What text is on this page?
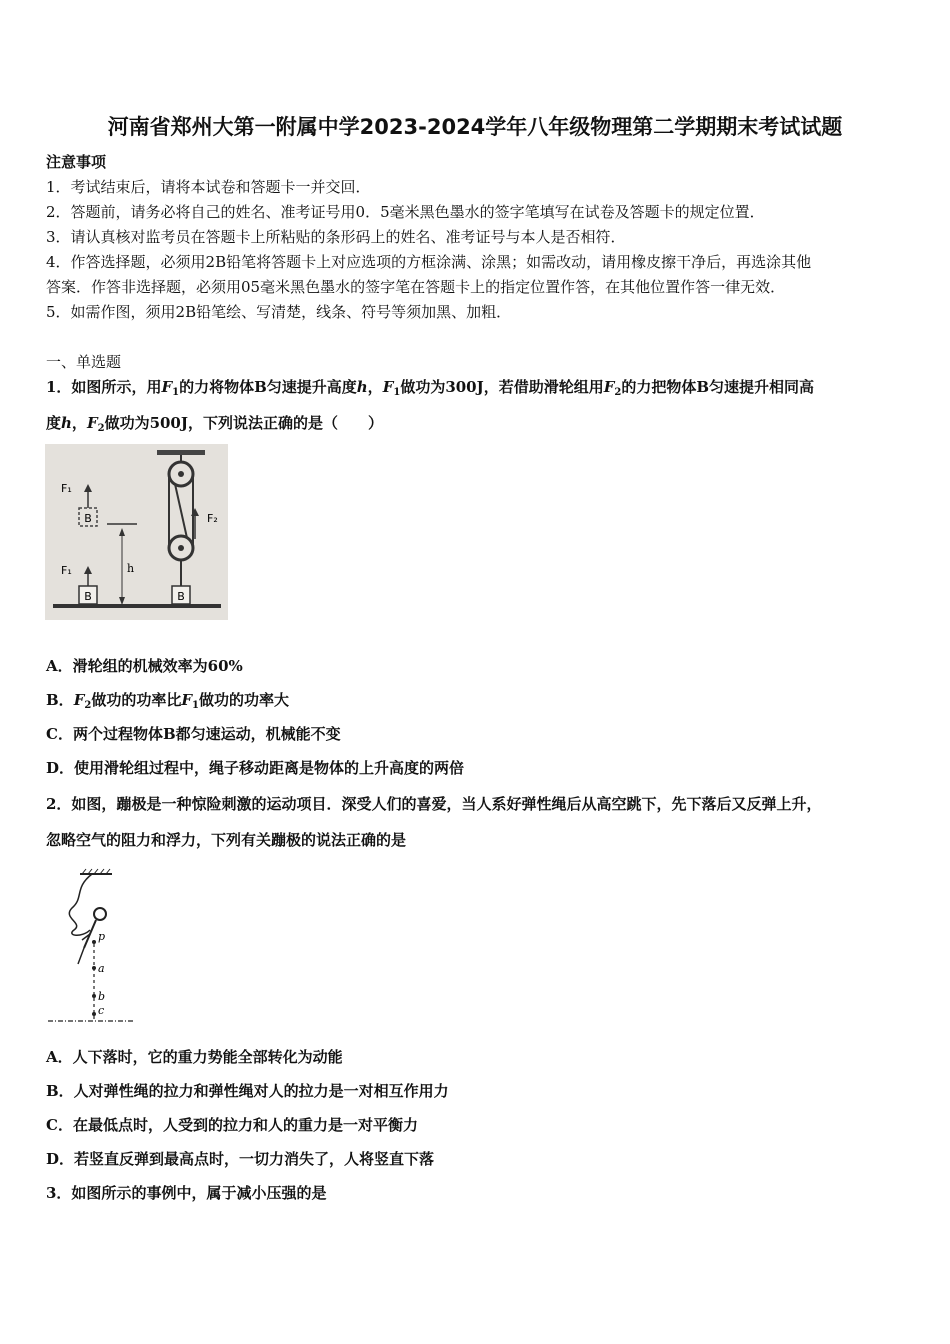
河南省郑州大第一附属中学2023-2024学年八年级物理第二学期期末考试试题
注意事项
1．考试结束后，请将本试卷和答题卡一并交回．
2．答题前，请务必将自己的姓名、准考证号用0．5毫米黑色墨水的签字笔填写在试卷及答题卡的规定位置．
3．请认真核对监考员在答题卡上所粘贴的条形码上的姓名、准考证号与本人是否相符．
4．作答选择题，必须用2B铅笔将答题卡上对应选项的方框涂满、涂黑；如需改动，请用橡皮擦干净后，再选涂其他
答案．作答非选择题，必须用05毫米黑色墨水的签字笔在答题卡上的指定位置作答，在其他位置作答一律无效．
5．如需作图，须用2B铅笔绘、写清楚，线条、符号等须加黑、加粗．
一、单选题
1．如图所示，用$F_1$的力将物体B匀速提升高度h，$F_1$做功为300J，若借助滑轮组用$F_2$的力把物体B匀速提升相同高
度h，$F_2$做功为500J，下列说法正确的是（　　）
B
F₁
B
F₁	h
B
F₂
A．滑轮组的机械效率为60%
B．$F_2$做功的功率比$F_1$做功的功率大
C．两个过程物体B都匀速运动，机械能不变
D．使用滑轮组过程中，绳子移动距离是物体的上升高度的两倍
2．如图，蹦极是一种惊险刺激的运动项目．深受人们的喜爱，当人系好弹性绳后从高空跳下，先下落后又反弹上升，
忽略空气的阻力和浮力，下列有关蹦极的说法正确的是
p
a
b
c
A．人下落时，它的重力势能全部转化为动能
B．人对弹性绳的拉力和弹性绳对人的拉力是一对相互作用力
C．在最低点时，人受到的拉力和人的重力是一对平衡力
D．若竖直反弹到最高点时，一切力消失了，人将竖直下落
3．如图所示的事例中，属于减小压强的是
